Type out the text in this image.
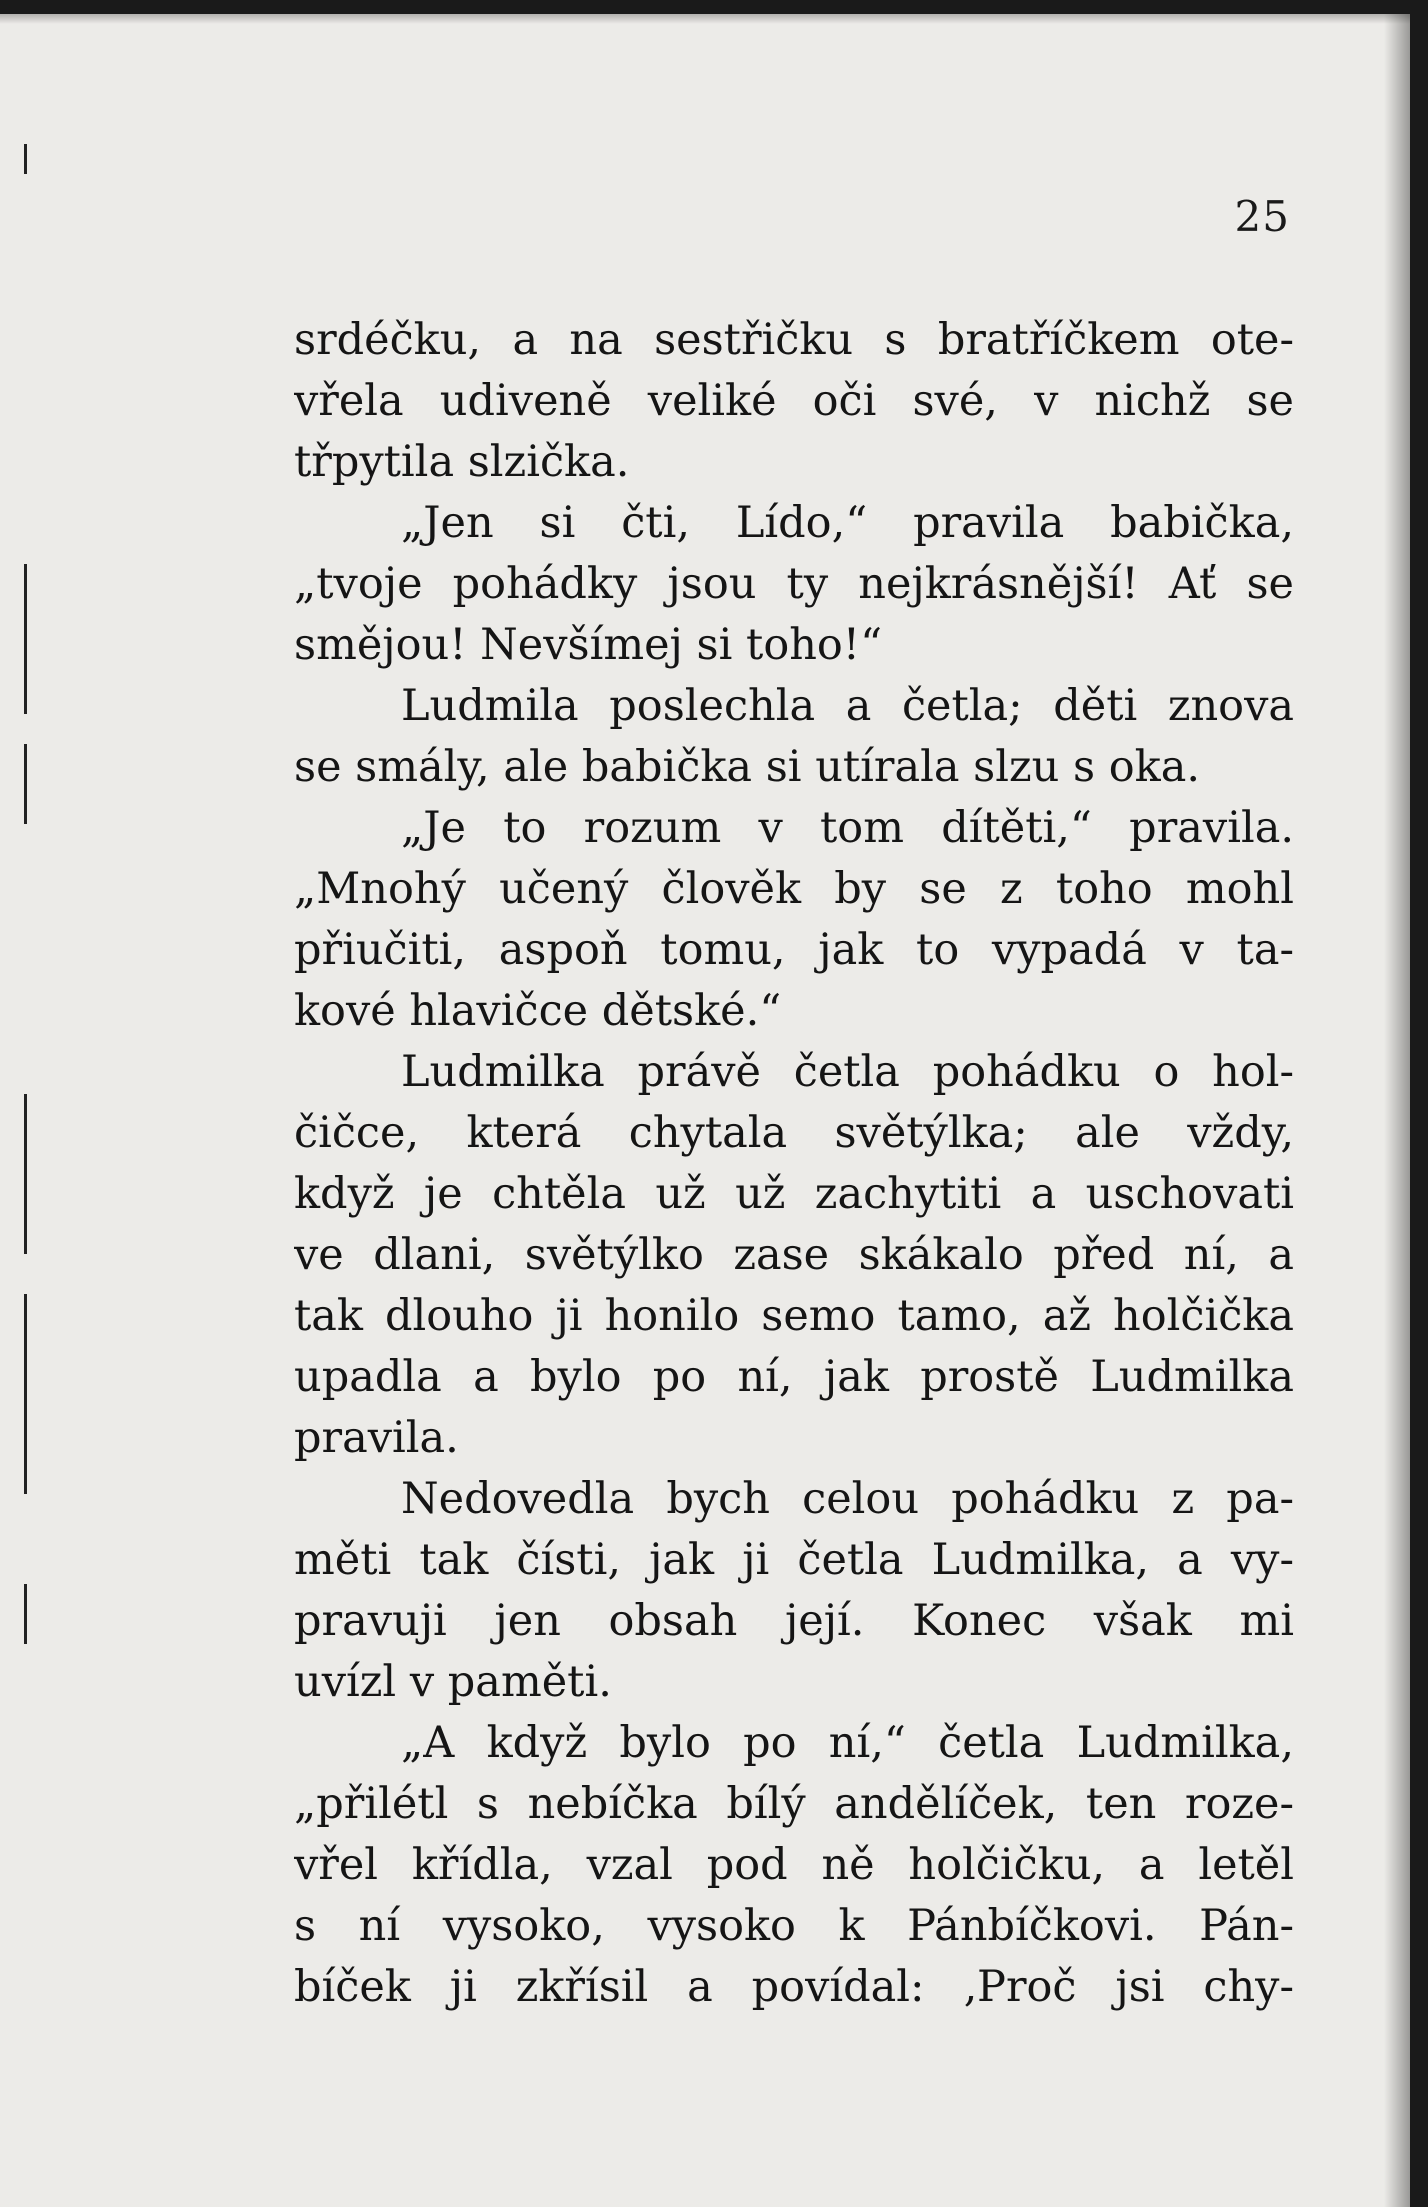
25
srdéčku, a na sestřičku s bratříčkem ote-
vřela udiveně veliké oči své, v nichž se
třpytila slzička.
„Jen si čti, Lído,“ pravila babička,
„tvoje pohádky jsou ty nejkrásnější! Ať se
smějou! Nevšímej si toho!“
Ludmila poslechla a četla; děti znova
se smály, ale babička si utírala slzu s oka.
„Je to rozum v tom dítěti,“ pravila.
„Mnohý učený člověk by se z toho mohl
přiučiti, aspoň tomu, jak to vypadá v ta-
kové hlavičce dětské.“
Ludmilka právě četla pohádku o hol-
čičce, která chytala světýlka; ale vždy,
když je chtěla už už zachytiti a uschovati
ve dlani, světýlko zase skákalo před ní, a
tak dlouho ji honilo semo tamo, až holčička
upadla a bylo po ní, jak prostě Ludmilka
pravila.
Nedovedla bych celou pohádku z pa-
měti tak čísti, jak ji četla Ludmilka, a vy-
pravuji jen obsah její. Konec však mi
uvízl v paměti.
„A když bylo po ní,“ četla Ludmilka,
„přilétl s nebíčka bílý andělíček, ten roze-
vřel křídla, vzal pod ně holčičku, a letěl
s ní vysoko, vysoko k Pánbíčkovi. Pán-
bíček ji zkřísil a povídal: ‚Proč jsi chy-
